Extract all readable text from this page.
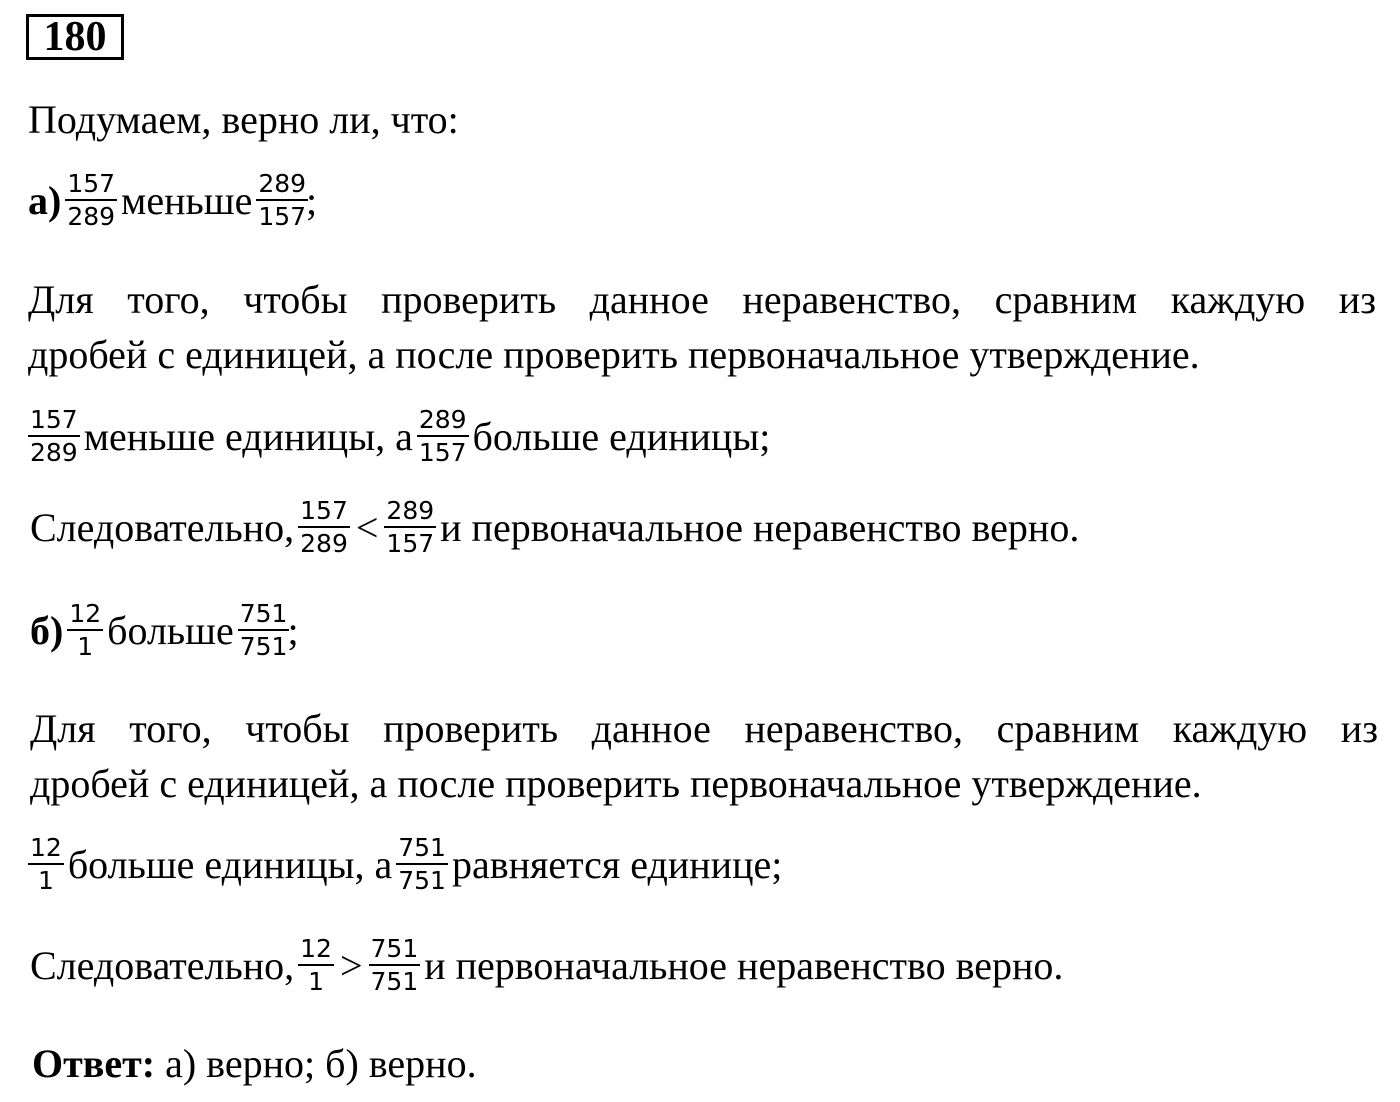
180
Подумаем, верно ли, что:
$а) \frac{157}{289}$ меньше $\frac{289}{157}$
;
Для того, чтобы проверить данное неравенство, сравним каждую из
дробей с единицей, а после проверить первоначальное утверждение.
$\frac{157}{289}$ меньше единицы, а $\frac{289}{157}$ больше единицы;
Следовательно, $\frac{157}{289} < \frac{289}{157}$ и первоначальное неравенство верно.
$б) \frac{12}{1}$ больше $\frac{751}{751}$
;
Для того, чтобы проверить данное неравенство, сравним каждую из
дробей с единицей, а после проверить первоначальное утверждение.
$\frac{12}{1}$ больше единицы, а $\frac{751}{751}$ равняется единице;
Следовательно, $\frac{12}{1} > \frac{751}{751}$ и первоначальное неравенство верно.
Ответ: а) верно; б) верно.
